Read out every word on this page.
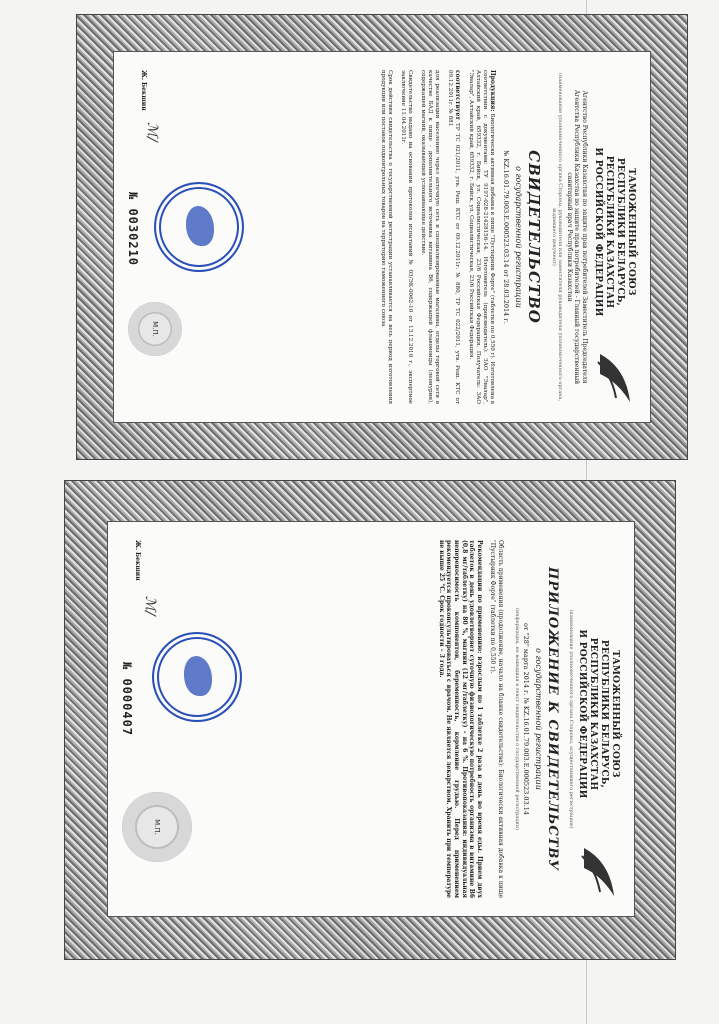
ТАМОЖЕННЫЙ СОЮЗ
РЕСПУБЛИКИ БЕЛАРУСЬ, РЕСПУБЛИКИ КАЗАХСТАН
И РОССИЙСКОЙ ФЕДЕРАЦИИ
Агентство Республики Казахстан по защите прав потребителей Заместитель Председателя Агентства Республики Казахстан по защите прав потребителей - Главный государственный санитарный врач Республики Казахстан
(наименование уполномоченного органа Стороны, руководителя или заместителя руководителя уполномоченного органа, выдавшего документ)
СВИДЕТЕЛЬСТВО
о государственной регистрации
№ KZ.16.01.79.003.Е.000523.03.14 от 28.03.2014 г.
Продукция: Биологически активная добавка к пище "Пустырник Форте" (таблетки по 0,550 г). Изготовлена в соответствии с документами: ТУ 9197-028-21428156-14. Изготовитель (производитель): ЗАО "Эвалар", Алтайский край, 659332, г. Бийск, ул. Социалистическая, 23/6 Российская Федерация. Получатель: ЗАО "Эвалар", Алтайский край, 659332, г. Бийск, ул. Социалистическая, 23/6 Российская Федерация.
соответствует ТР ТС 021/2011, утв. Реш. КТС от 09.12.2011г. № 880, ТР ТС 022/2011, утв. Реш. КТС от 09.12.2011г. № 881
для реализации населению через аптечную сеть и специализированные магазины, отделы торговой сети в качестве БАД к пище - дополнительного источника витамина В6, содержащей флавоноиды (леонурин), содержащей магний, оказывающей успокаивающее действие.
Свидетельство выдано на основании протоколов испытаний № 03/ЭК-0062-10 от 13.12.2010 г., экспертное заключение 11.04.2011г.
Срок действия свидетельства о государственной регистрации устанавливается на весь период изготовления продукции или поставок подконтрольных товаров на территорию таможенного союза
Ж. Бекшин
ℳ∕
№ 0030210
М.П.
ТАМОЖЕННЫЙ СОЮЗ
РЕСПУБЛИКИ БЕЛАРУСЬ, РЕСПУБЛИКИ КАЗАХСТАН
И РОССИЙСКОЙ ФЕДЕРАЦИИ
(наименование уполномоченного органа Стороны, осуществившего регистрацию)
ПРИЛОЖЕНИЕ К СВИДЕТЕЛЬСТВУ
о государственной регистрации
от "28" марта 2014 г. № KZ.16.01.79.003.Е.000523.03.14
(информация, не вошедшая в текст свидетельства о государственной регистрации)
Область применения (продолжение, начало на бланке свидетельства): Биологически активная добавка к пище "Пустырник Форте" (таблетки по 0,550 г).
Рекомендации по применению: взрослым по 1 таблетке 2 раза в день во время еды. Прием двух таблеток в день удовлетворяет суточную физиологическую потребность организма в витамине В6 (0,8 мг/таблетку) на 80 %, магнии (12 мг/таблетку) – на 6 %. Противопоказания: индивидуальная непереносимость компонентов, беременность, кормление грудью. Перед применением рекомендуется проконсультироваться с врачом. Не является лекарством. Хранить при температуре не выше 25 °С. Срок годности – 3 года.
Ж. Бекшин
ℳ∕
№ 0000407
М.П.
